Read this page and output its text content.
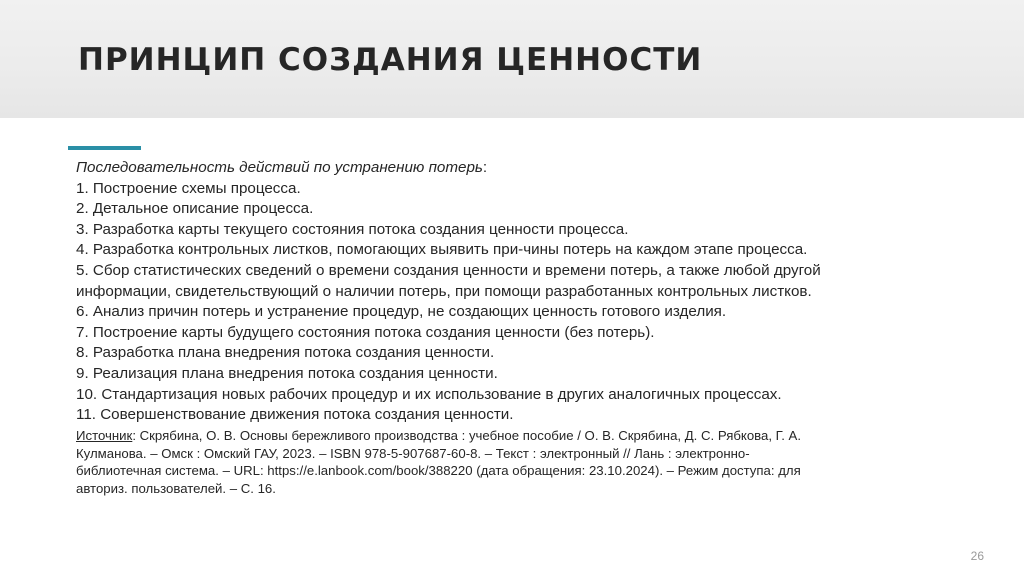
ПРИНЦИП СОЗДАНИЯ ЦЕННОСТИ
Последовательность действий по устранению потерь:
1. Построение схемы процесса.
2. Детальное описание процесса.
3. Разработка карты текущего состояния потока создания ценности процесса.
4. Разработка контрольных листков, помогающих выявить при-чины потерь на каждом этапе процесса.
5. Сбор статистических сведений о времени создания ценности и времени потерь, а также любой другой
информации, свидетельствующий о наличии потерь, при помощи разработанных контрольных листков.
6. Анализ причин потерь и устранение процедур, не создающих ценность готового изделия.
7. Построение карты будущего состояния потока создания ценности (без потерь).
8. Разработка плана внедрения потока создания ценности.
9. Реализация плана внедрения потока создания ценности.
10. Стандартизация новых рабочих процедур и их использование в других аналогичных процессах.
11. Совершенствование движения потока создания ценности.
Источник: Скрябина, О. В. Основы бережливого производства : учебное пособие / О. В. Скрябина, Д. С. Рябкова, Г. А.
Кулманова. – Омск : Омский ГАУ, 2023. – ISBN 978-5-907687-60-8. – Текст : электронный // Лань : электронно-
библиотечная система. – URL: https://e.lanbook.com/book/388220 (дата обращения: 23.10.2024). – Режим доступа: для
авториз. пользователей. – С. 16.
26
